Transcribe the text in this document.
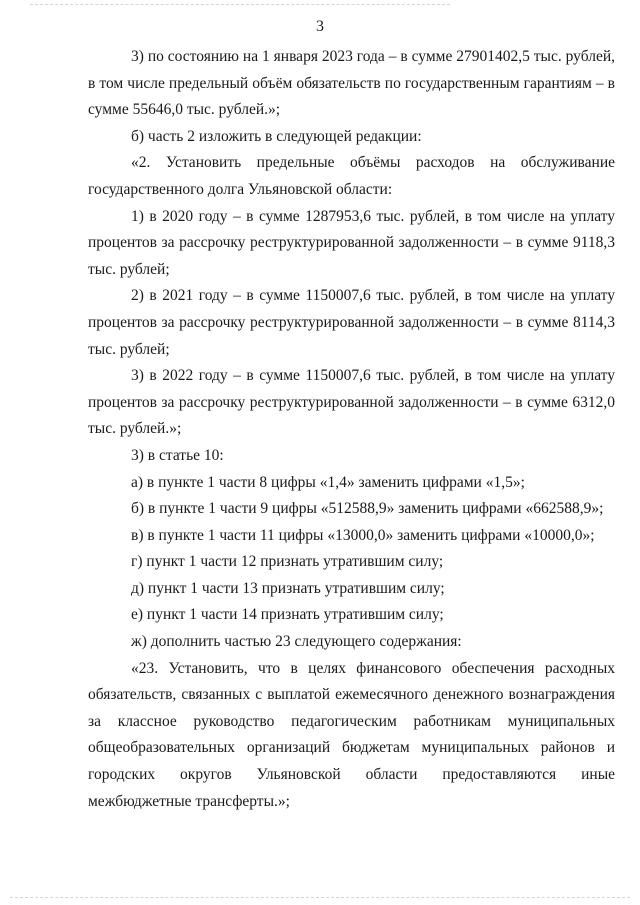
3

3) по состоянию на 1 января 2023 года – в сумме 27901402,5 тыс. рублей, в том числе предельный объём обязательств по государственным гарантиям – в сумме 55646,0 тыс. рублей.»;

б) часть 2 изложить в следующей редакции:

«2. Установить предельные объёмы расходов на обслуживание государственного долга Ульяновской области:

1) в 2020 году – в сумме 1287953,6 тыс. рублей, в том числе на уплату процентов за рассрочку реструктурированной задолженности – в сумме 9118,3 тыс. рублей;

2) в 2021 году – в сумме 1150007,6 тыс. рублей, в том числе на уплату процентов за рассрочку реструктурированной задолженности – в сумме 8114,3 тыс. рублей;

3) в 2022 году – в сумме 1150007,6 тыс. рублей, в том числе на уплату процентов за рассрочку реструктурированной задолженности – в сумме 6312,0 тыс. рублей.»;

3) в статье 10:

а) в пункте 1 части 8 цифры «1,4» заменить цифрами «1,5»;

б) в пункте 1 части 9 цифры «512588,9» заменить цифрами «662588,9»;

в) в пункте 1 части 11 цифры «13000,0» заменить цифрами «10000,0»;

г) пункт 1 части 12 признать утратившим силу;

д) пункт 1 части 13 признать утратившим силу;

е) пункт 1 части 14 признать утратившим силу;

ж) дополнить частью 23 следующего содержания:

«23. Установить, что в целях финансового обеспечения расходных обязательств, связанных с выплатой ежемесячного денежного вознаграждения за классное руководство педагогическим работникам муниципальных общеобразовательных организаций бюджетам муниципальных районов и городских округов Ульяновской области предоставляются иные межбюджетные трансферты.»;
